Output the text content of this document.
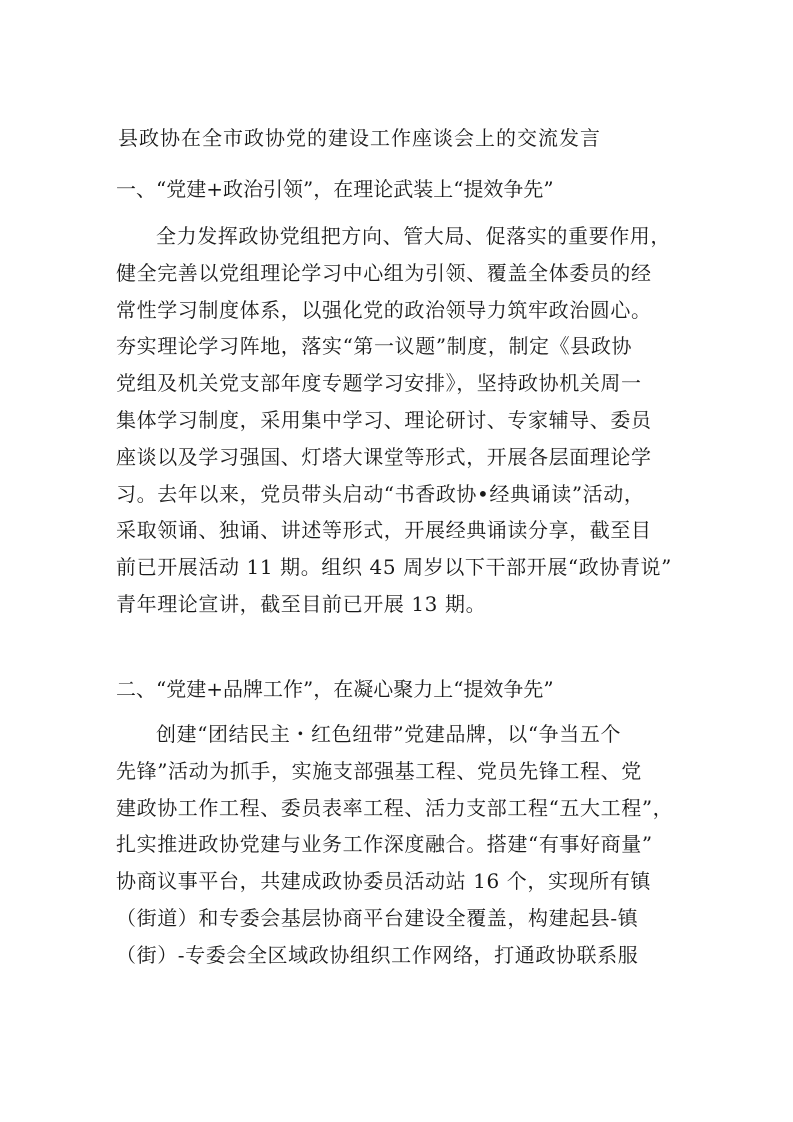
县政协在全市政协党的建设工作座谈会上的交流发言
一、“党建+政治引领”，在理论武装上“提效争先”
全力发挥政协党组把方向、管大局、促落实的重要作用，
健全完善以党组理论学习中心组为引领、覆盖全体委员的经
常性学习制度体系，以强化党的政治领导力筑牢政治圆心。
夯实理论学习阵地，落实“第一议题”制度，制定《县政协
党组及机关党支部年度专题学习安排》，坚持政协机关周一
集体学习制度，采用集中学习、理论研讨、专家辅导、委员
座谈以及学习强国、灯塔大课堂等形式，开展各层面理论学
习。去年以来，党员带头启动“书香政协•经典诵读”活动，
采取领诵、独诵、讲述等形式，开展经典诵读分享，截至目
前已开展活动 11 期。组织 45 周岁以下干部开展“政协青说”
青年理论宣讲，截至目前已开展 13 期。
二、“党建+品牌工作”，在凝心聚力上“提效争先”
创建“团结民主・红色纽带”党建品牌，以“争当五个
先锋”活动为抓手，实施支部强基工程、党员先锋工程、党
建政协工作工程、委员表率工程、活力支部工程“五大工程”，
扎实推进政协党建与业务工作深度融合。搭建“有事好商量”
协商议事平台，共建成政协委员活动站 16 个，实现所有镇
（街道）和专委会基层协商平台建设全覆盖，构建起县-镇
（街）-专委会全区域政协组织工作网络，打通政协联系服
